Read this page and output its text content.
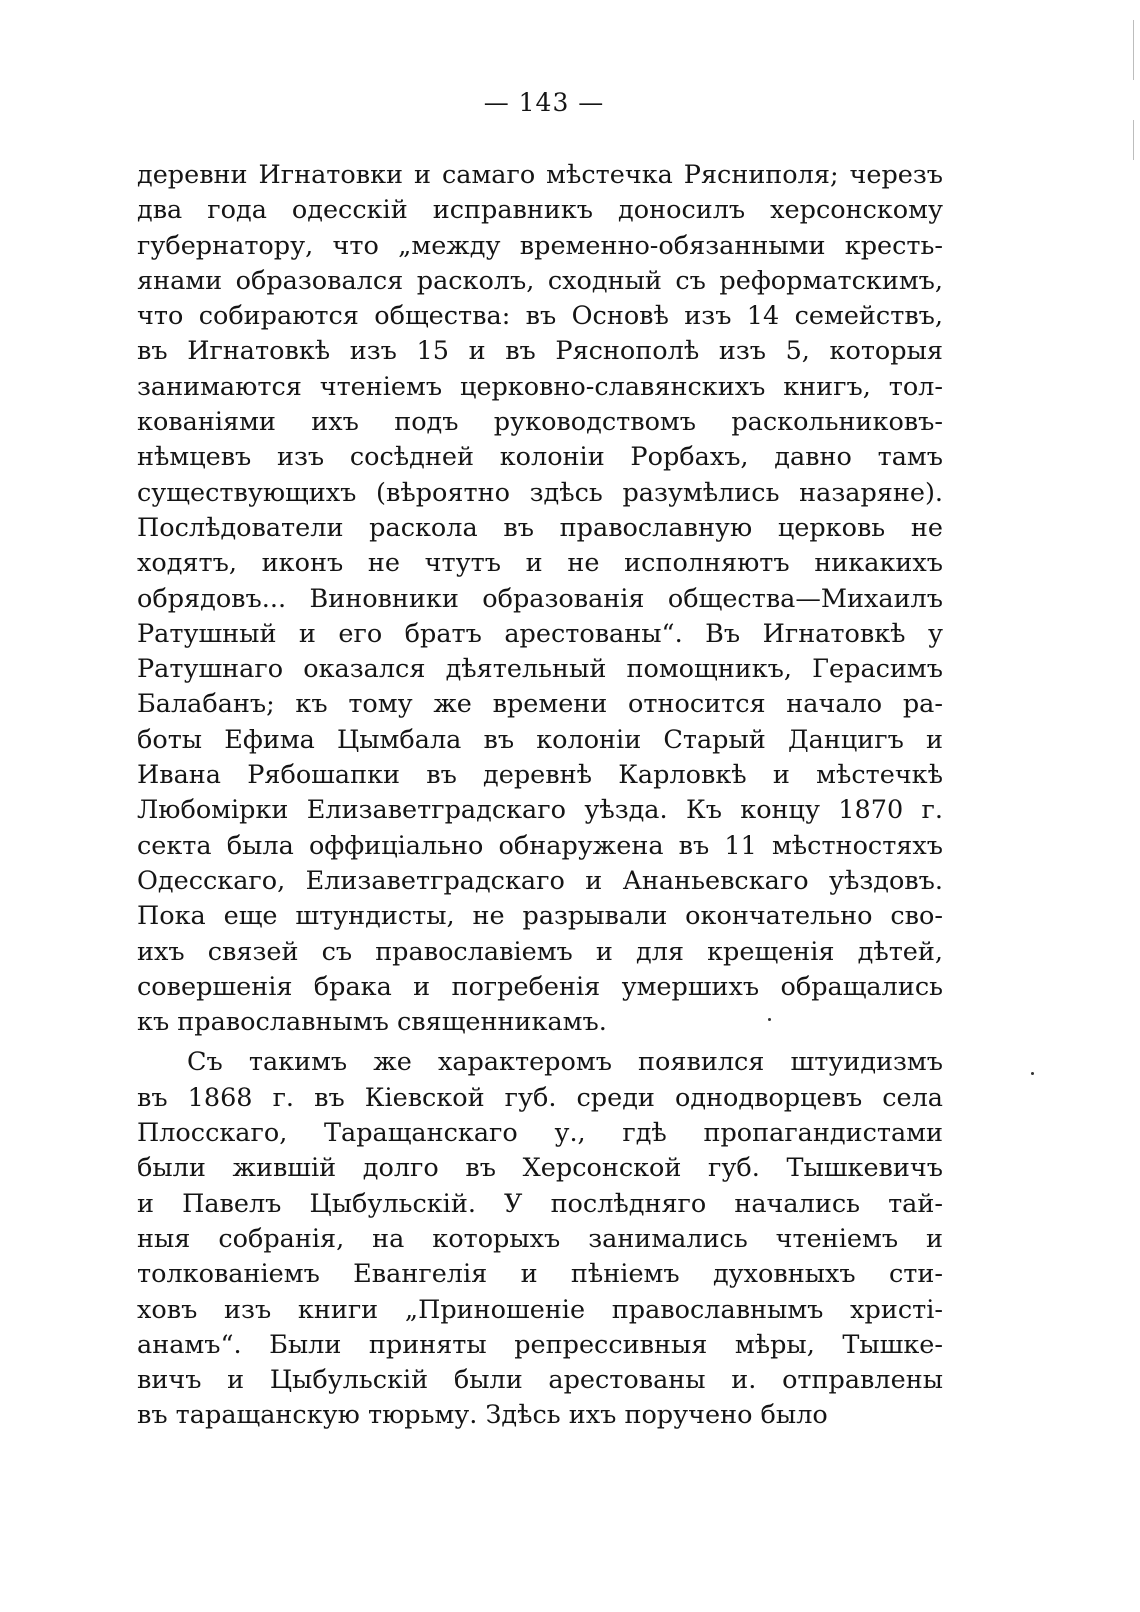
— 143 —
деревни Игнатовки и самаго мѣстечка Рясниполя; черезъ
два года одесскій исправникъ доносилъ херсонскому
губернатору, что „между временно-обязанными кресть-
янами образовался расколъ, сходный съ реформатскимъ,
что собираются общества: въ Основѣ изъ 14 семействъ,
въ Игнатовкѣ изъ 15 и въ Ряснополѣ изъ 5, которыя
занимаются чтеніемъ церковно-славянскихъ книгъ, тол-
кованіями ихъ подъ руководствомъ раскольниковъ-
нѣмцевъ изъ сосѣдней колоніи Рорбахъ, давно тамъ
существующихъ (вѣроятно здѣсь разумѣлись назаряне).
Послѣдователи раскола въ православную церковь не
ходятъ, иконъ не чтутъ и не исполняютъ никакихъ
обрядовъ... Виновники образованія общества—Михаилъ
Ратушный и его братъ арестованы“. Въ Игнатовкѣ у
Ратушнаго оказался дѣятельный помощникъ, Герасимъ
Балабанъ; къ тому же времени относится начало ра-
боты Ефима Цымбала въ колоніи Старый Данцигъ и
Ивана Рябошапки въ деревнѣ Карловкѣ и мѣстечкѣ
Любомірки Елизаветградскаго уѣзда. Къ концу 1870 г.
секта была оффиціально обнаружена въ 11 мѣстностяхъ
Одесскаго, Елизаветградскаго и Ананьевскаго уѣздовъ.
Пока еще штундисты, не разрывали окончательно сво-
ихъ связей съ православіемъ и для крещенія дѣтей,
совершенія брака и погребенія умершихъ обращались
къ православнымъ священникамъ.
Съ такимъ же характеромъ появился штуидизмъ
въ 1868 г. въ Кіевской губ. среди однодворцевъ села
Плосскаго, Таращанскаго у., гдѣ пропагандистами
были жившій долго въ Херсонской губ. Тышкевичъ
и Павелъ Цыбульскій. У послѣдняго начались тай-
ныя собранія, на которыхъ занимались чтеніемъ и
толкованіемъ Евангелія и пѣніемъ духовныхъ сти-
ховъ изъ книги „Приношеніе православнымъ христі-
анамъ“. Были приняты репрессивныя мѣры, Тышке-
вичъ и Цыбульскій были арестованы и. отправлены
въ таращанскую тюрьму. Здѣсь ихъ поручено было
